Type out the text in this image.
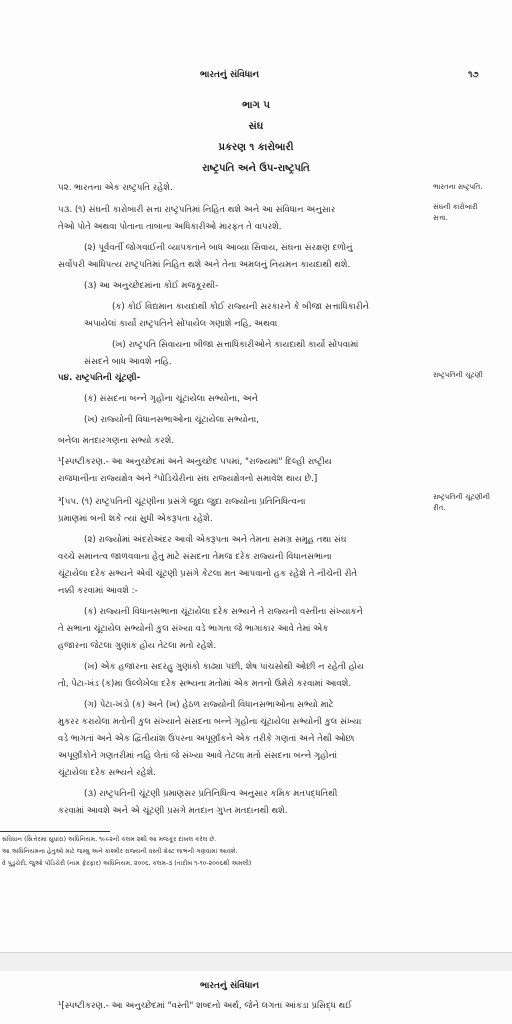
ભારતનું સંવિધાન	૧૭
ભાગ ૫
સંઘ
પ્રકરણ ૧ કારોબારી
રાષ્ટ્રપતિ અને ઉપ-રાષ્ટ્રપતિ
ભારતના રાષ્ટ્રપતિ.
સંઘની કારોબારી
સત્તા.
રાષ્ટ્રપતિની ચૂંટણી
રાષ્ટ્રપતિની ચૂંટણીની
રીત.
૫૨. ભારતના એક રાષ્ટ્રપતિ રહેશે.
૫૩. (૧) સંઘની કારોબારી સત્તા રાષ્ટ્રપતિમાં નિહિત થશે અને આ સંવિધાન અનુસાર
તેઓ પોતે અથવા પોતાના તાબાના અધિકારીઓ મારફત તે વાપરશે.
(૨) પૂર્વવર્તી જોગવાઈની વ્યાપકતાને બાધ આવ્યા સિવાય, સંઘના સંરક્ષણ દળોનું
સર્વોપરી આધિપત્ય રાષ્ટ્રપતિમાં નિહિત થશે અને તેના અમલનું નિયમન કાયદાથી થશે.
(૩) આ અનુચ્છેદમાંના કોઈ મજકૂરથી-
(ક) કોઈ વિદ્યમાન કાયદાથી કોઈ રાજ્યની સરકારને કે બીજા સત્તાધિકારીને
અપાયેલાં કાર્યો રાષ્ટ્રપતિને સોંપાયેલ ગણાશે નહિ, અથવા
(ખ) રાષ્ટ્રપતિ સિવાયના બીજા સત્તાધિકારીઓને કાયદાથી કાર્યો સોંપવામાં
સંસદને બાધ આવશે નહિ.
૫૪. રાષ્ટ્રપતિની ચૂંટણી-
(ક) સંસદના બન્ને ગૃહોના ચૂંટાયેલા સભ્યોના, અને
(ખ) રાજ્યોની વિધાનસભાઓના ચૂંટાયેલા સભ્યોના,
બનેલા મતદારગણના સભ્યો કરશે.
¹[સ્પષ્ટીકરણ.- આ અનુચ્છેદમાં અને અનુચ્છેદ ૫૫માં, "રાજ્યમાં" દિલ્હી રાષ્ટ્રીય
રાજધાનીના રાજ્યક્ષેત્ર અને ²પોંડિચેરીના સંઘ રાજ્યક્ષેત્રનો સમાવેશ થાય છે.]
³[૫૫. (૧) રાષ્ટ્રપતિની ચૂંટણીના પ્રસંગે જુદા જુદા રાજ્યોના પ્રતિનિધિત્વના
પ્રમાણમાં બની શકે ત્યાં સુધી એકરૂપતા રહેશે.
(૨) રાજ્યોમાં અંદરોઅંદર આવી એકરૂપતા અને તેમના સમગ્ર સમૂહ તથા સંઘ
વચ્ચે સમાનત્વ જાળવવાના હેતુ માટે સંસદના તેમજ દરેક રાજ્યની વિધાનસભાના
ચૂંટાયેલા દરેક સભ્યને એવી ચૂંટણી પ્રસંગે કેટલા મત આપવાનો હક રહેશે તે નીચેની રીતે
નક્કી કરવામાં આવશે :-
(ક) રાજ્યની વિધાનસભાના ચૂંટાયેલા દરેક સભ્યને તે રાજ્યની વસ્તીના સંખ્યાકને
તે સભાના ચૂંટાયેલ સભ્યોની કુલ સંખ્યા વડે ભાગતા જે ભાગાકાર આવે તેમાં એક
હજારના જેટલા ગુણાંક હોય તેટલા મતો રહેશે.
(ખ) એક હજારના સદરહુ ગુણાંકો કાઢ્યા પછી, શેષ પાંચસોથી ઓછી ન રહેતી હોય
તો, પેટા-ખંડ (ક)માં ઉલ્લેખેલા દરેક સભ્યના મતોમાં એક મતનો ઉમેરો કરવામાં આવશે.
(ગ) પેટા-ખંડો (ક) અને (ખ) હેઠળ રાજ્યોની વિધાનસભાઓના સભ્યો માટે
મુકરર કરાયેલા મતોની કુલ સંખ્યાને સંસદના બન્ને ગૃહોના ચૂંટાયેલા સભ્યોની કુલ સંખ્યા
વડે ભાગતાં અને એક દ્વિતીયાંશ ઉપરના અપૂર્ણાંકને એક તરીકે ગણતાં અને તેથી ઓછા
અપૂર્ણાંકોને ગણતરીમાં નહિ લેતાં જે સંખ્યા આવે તેટલા મતો સંસદના બન્ને ગૃહોનાં
ચૂંટાયેલા દરેક સભ્યને રહેશે.
(૩) રાષ્ટ્રપતિની ચૂંટણી પ્રમાણસર પ્રતિનિધિત્વ અનુસાર કમિક મતપદ્ધતિથી
કરવામાં આવશે અને એ ચૂંટણી પ્રસંગે મતદાન ગુપ્ત મતદાનથી થશે.
સંવિધાન (સિત્તેરમા સુધારા) અધિનિયમ, ૧૯૯૨ની કલમ ૨થી આ મજકૂર દાખલ કરેલ છે.
આ અધિનિયમના હેતુઓ માટે જમ્મુ અને કાશ્મીર રાજ્યની વસ્તી ગ્રેસ્ટ લાભની ગણવામાં આવશે.
વે પુડુચેરી, જુઓ પોંડિચેરી (નામ ફેરફાર) અધિનિયમ, ૨૦૦૬, કલમ-૩ (તારીખ ૧-૧૦-૨૦૦૬થી અમલી)
ભારતનું સંવિધાન
¹[સ્પષ્ટીકરણ.- આ અનુચ્છેદમાં "વસ્તી" શબ્દનો અર્થ, જેને લગતા આંકડા પ્રસિદ્ધ થઈ
